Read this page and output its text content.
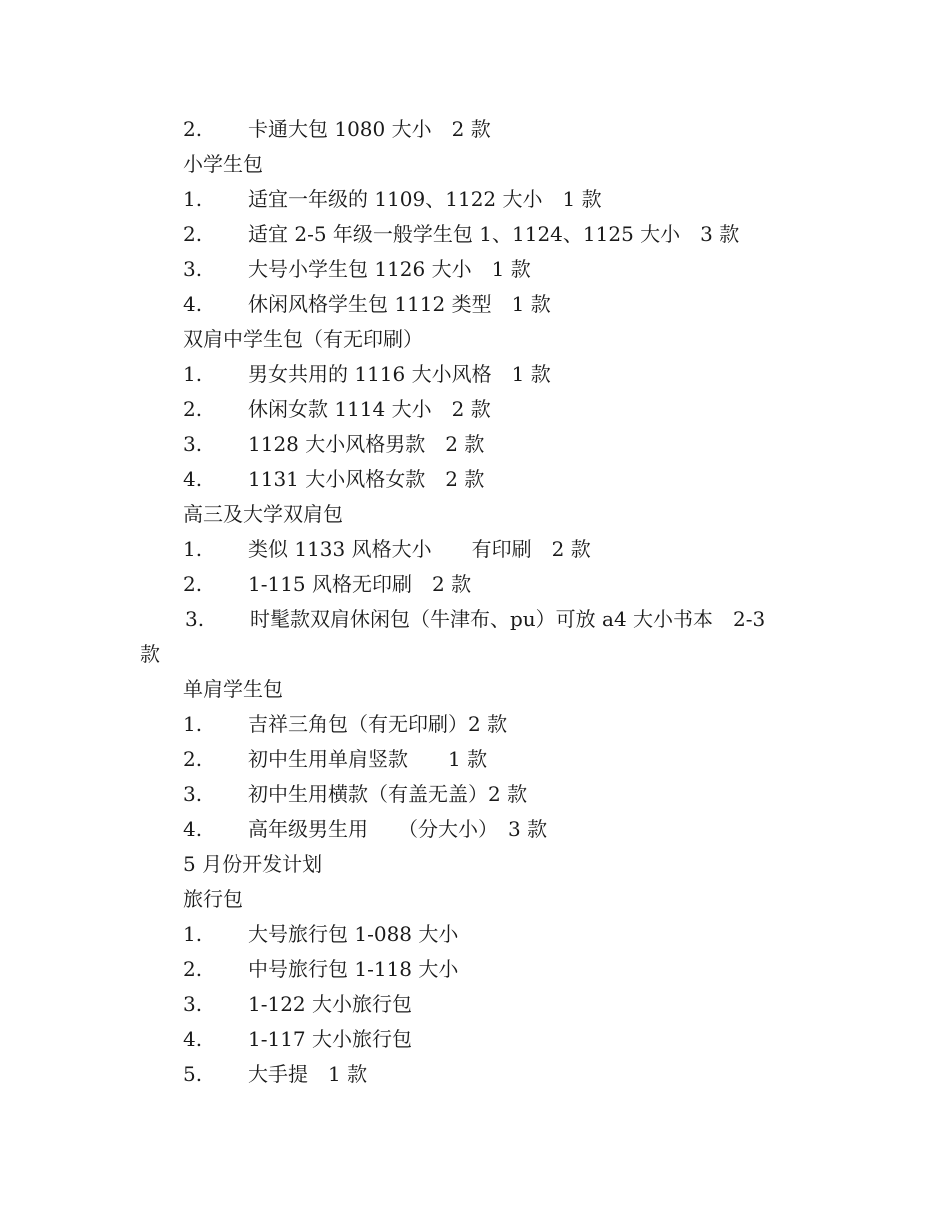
2. 卡通大包 1080 大小　2 款
小学生包
1. 适宜一年级的 1109、1122 大小　1 款
2. 适宜 2-5 年级一般学生包 1、1124、1125 大小　3 款
3. 大号小学生包 1126 大小　1 款
4. 休闲风格学生包 1112 类型　1 款
双肩中学生包（有无印刷）
1. 男女共用的 1116 大小风格　1 款
2. 休闲女款 1114 大小　2 款
3. 1128 大小风格男款　2 款
4. 1131 大小风格女款　2 款
高三及大学双肩包
1. 类似 1133 风格大小　　有印刷　2 款
2. 1-115 风格无印刷　2 款
3. 时髦款双肩休闲包（牛津布、pu）可放 a4 大小书本　2-3
款
单肩学生包
1. 吉祥三角包（有无印刷）2 款
2. 初中生用单肩竖款　　1 款
3. 初中生用横款（有盖无盖）2 款
4. 高年级男生用　　（分大小）　3 款
5 月份开发计划
旅行包
1. 大号旅行包 1-088 大小
2. 中号旅行包 1-118 大小
3. 1-122 大小旅行包
4. 1-117 大小旅行包
5. 大手提　1 款
